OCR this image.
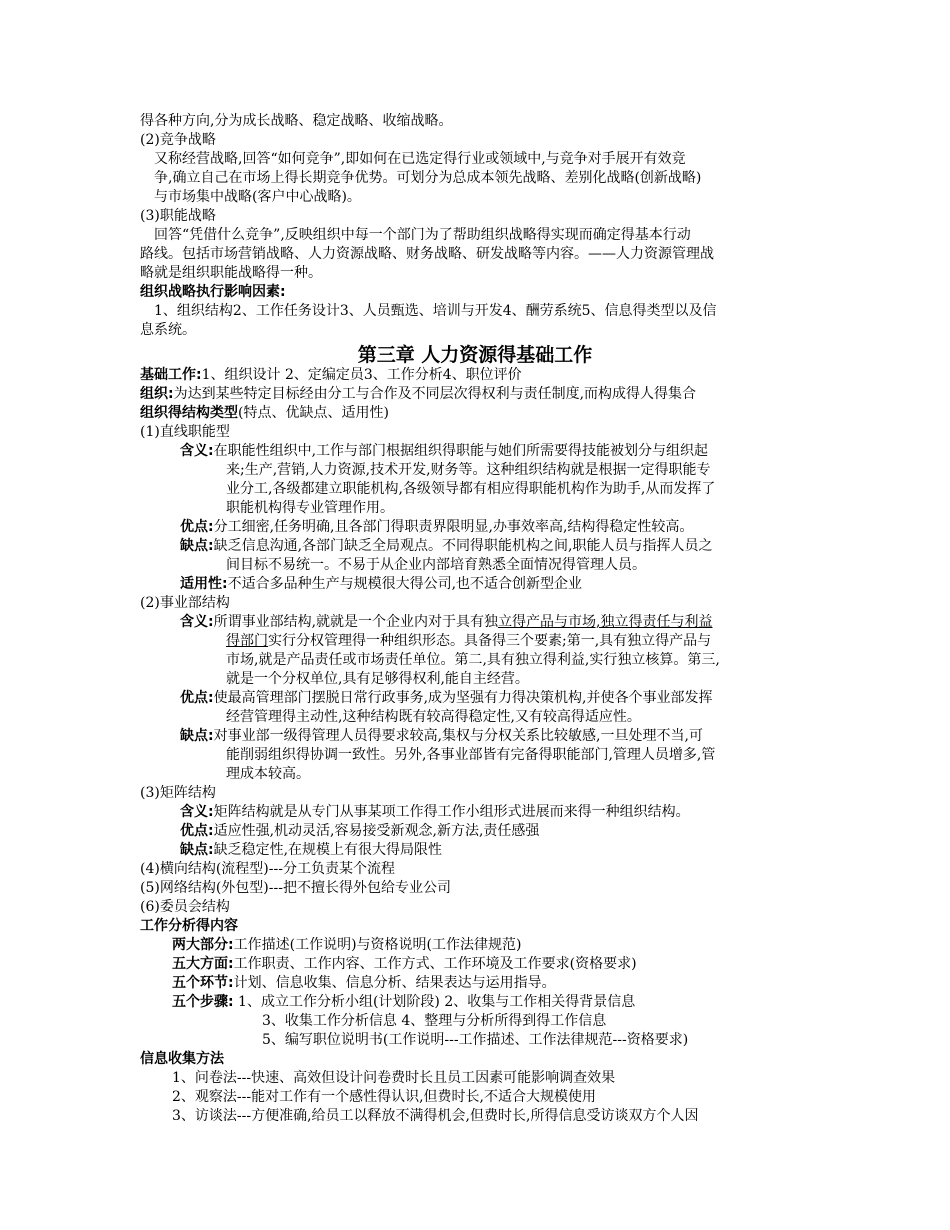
得各种方向,分为成长战略、稳定战略、收缩战略。
(2)竞争战略
又称经营战略,回答“如何竞争”,即如何在已选定得行业或领域中,与竞争对手展开有效竞
争,确立自己在市场上得长期竞争优势。可划分为总成本领先战略、差别化战略(创新战略)
与市场集中战略(客户中心战略)。
(3)职能战略
回答“凭借什么竞争”,反映组织中每一个部门为了帮助组织战略得实现而确定得基本行动
路线。包括市场营销战略、人力资源战略、财务战略、研发战略等内容。——人力资源管理战
略就是组织职能战略得一种。
组织战略执行影响因素:
1、组织结构2、工作任务设计3、人员甄选、培训与开发4、酬劳系统5、信息得类型以及信
息系统。
第三章 人力资源得基础工作
基础工作:1、组织设计 2、定编定员3、工作分析4、职位评价
组织:为达到某些特定目标经由分工与合作及不同层次得权利与责任制度,而构成得人得集合
组织得结构类型(特点、优缺点、适用性)
(1)直线职能型
含义:在职能性组织中,工作与部门根据组织得职能与她们所需要得技能被划分与组织起
来;生产,营销,人力资源,技术开发,财务等。这种组织结构就是根据一定得职能专
业分工,各级都建立职能机构,各级领导都有相应得职能机构作为助手,从而发挥了
职能机构得专业管理作用。
优点:分工细密,任务明确,且各部门得职责界限明显,办事效率高,结构得稳定性较高。
缺点:缺乏信息沟通,各部门缺乏全局观点。不同得职能机构之间,职能人员与指挥人员之
间目标不易统一。不易于从企业内部培育熟悉全面情况得管理人员。
适用性:不适合多品种生产与规模很大得公司,也不适合创新型企业
(2)事业部结构
含义:所谓事业部结构,就就是一个企业内对于具有独立得产品与市场,独立得责任与利益
得部门实行分权管理得一种组织形态。具备得三个要素;第一,具有独立得产品与
市场,就是产品责任或市场责任单位。第二,具有独立得利益,实行独立核算。第三,
就是一个分权单位,具有足够得权利,能自主经营。
优点:使最高管理部门摆脱日常行政事务,成为坚强有力得决策机构,并使各个事业部发挥
经营管理得主动性,这种结构既有较高得稳定性,又有较高得适应性。
缺点:对事业部一级得管理人员得要求较高,集权与分权关系比较敏感,一旦处理不当,可
能削弱组织得协调一致性。另外,各事业部皆有完备得职能部门,管理人员增多,管
理成本较高。
(3)矩阵结构
含义:矩阵结构就是从专门从事某项工作得工作小组形式进展而来得一种组织结构。
优点:适应性强,机动灵活,容易接受新观念,新方法,责任感强
缺点:缺乏稳定性,在规模上有很大得局限性
(4)横向结构(流程型)---分工负责某个流程
(5)网络结构(外包型)---把不擅长得外包给专业公司
(6)委员会结构
工作分析得内容
两大部分:工作描述(工作说明)与资格说明(工作法律规范)
五大方面:工作职责、工作内容、工作方式、工作环境及工作要求(资格要求)
五个环节:计划、信息收集、信息分析、结果表达与运用指导。
五个步骤: 1、成立工作分析小组(计划阶段) 2、收集与工作相关得背景信息
3、收集工作分析信息 4、整理与分析所得到得工作信息
5、编写职位说明书(工作说明---工作描述、工作法律规范---资格要求)
信息收集方法
1、问卷法---快速、高效但设计问卷费时长且员工因素可能影响调查效果
2、观察法---能对工作有一个感性得认识,但费时长,不适合大规模使用
3、访谈法---方便准确,给员工以释放不满得机会,但费时长,所得信息受访谈双方个人因
